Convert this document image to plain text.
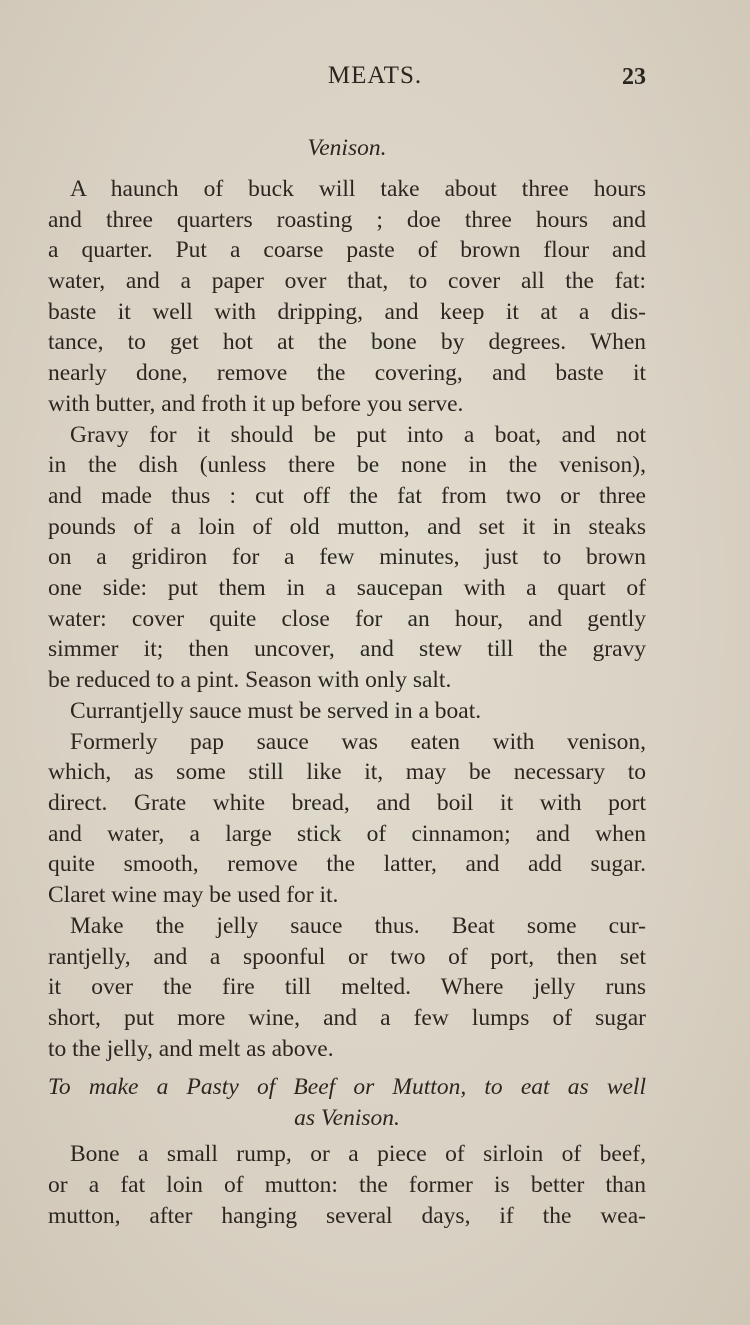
MEATS.	23
Venison.
A haunch of buck will take about three hours
and three quarters roasting ; doe three hours and
a quarter. Put a coarse paste of brown flour and
water, and a paper over that, to cover all the fat:
baste it well with dripping, and keep it at a dis-
tance, to get hot at the bone by degrees. When
nearly done, remove the covering, and baste it
with butter, and froth it up before you serve.
Gravy for it should be put into a boat, and not
in the dish (unless there be none in the venison),
and made thus : cut off the fat from two or three
pounds of a loin of old mutton, and set it in steaks
on a gridiron for a few minutes, just to brown
one side: put them in a saucepan with a quart of
water: cover quite close for an hour, and gently
simmer it; then uncover, and stew till the gravy
be reduced to a pint. Season with only salt.
Currantjelly sauce must be served in a boat.
Formerly pap sauce was eaten with venison,
which, as some still like it, may be necessary to
direct. Grate white bread, and boil it with port
and water, a large stick of cinnamon; and when
quite smooth, remove the latter, and add sugar.
Claret wine may be used for it.
Make the jelly sauce thus. Beat some cur-
rantjelly, and a spoonful or two of port, then set
it over the fire till melted. Where jelly runs
short, put more wine, and a few lumps of sugar
to the jelly, and melt as above.
To make a Pasty of Beef or Mutton, to eat as well
as Venison.
Bone a small rump, or a piece of sirloin of beef,
or a fat loin of mutton: the former is better than
mutton, after hanging several days, if the wea-
